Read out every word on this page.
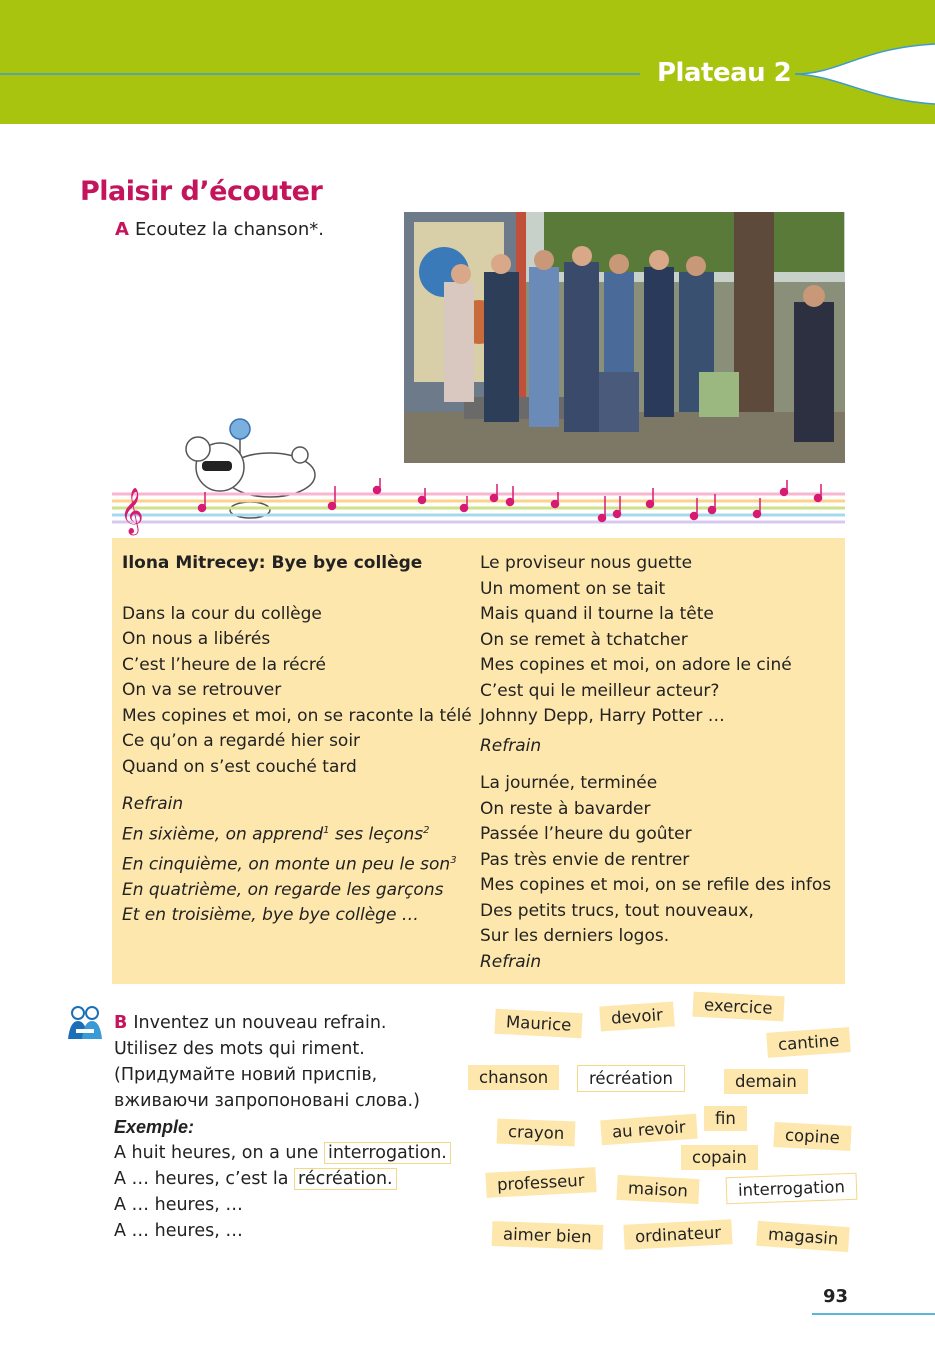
Plateau 2
Plaisir d’écouter
A Ecoutez la chanson*.
𝄞
Ilona Mitrecey: Bye bye collège
Dans la cour du collège
On nous a libérés
C’est l’heure de la récré
On va se retrouver
Mes copines et moi, on se raconte la télé
Ce qu’on a regardé hier soir
Quand on s’est couché tard
Refrain
En sixième, on apprend$^1$ ses leçons$^2$
En cinquième, on monte un peu le son$^3$
En quatrième, on regarde les garçons
Et en troisième, bye bye collège …
Le proviseur nous guette
Un moment on se tait
Mais quand il tourne la tête
On se remet à tchatcher
Mes copines et moi, on adore le ciné
C’est qui le meilleur acteur?
Johnny Depp, Harry Potter …
Refrain
La journée, terminée
On reste à bavarder
Passée l’heure du goûter
Pas très envie de rentrer
Mes copines et moi, on se refile des infos
Des petits trucs, tout nouveaux,
Sur les derniers logos.
Refrain
B Inventez un nouveau refrain.
Utilisez des mots qui riment.
(Придумайте новий приспів,
вживаючи запропоновані слова.)
Exemple:
A huit heures, on a une interrogation.
A … heures, c’est la récréation.
A … heures, …
A … heures, …
Maurice	devoir	exercice
cantine
chanson	récréation	demain
crayon	au revoir	fin
copine
copain
professeur	maison	interrogation
aimer bien	ordinateur	magasin
93
